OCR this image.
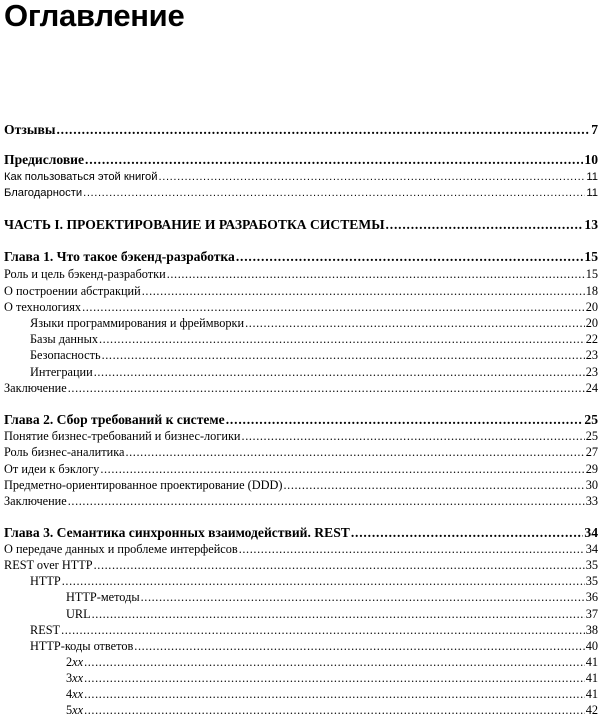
Оглавление
Отзывы .....	7
Предисловие .....	10
Как пользоваться этой книгой .....	11
Благодарности .....	11
ЧАСТЬ I. ПРОЕКТИРОВАНИЕ И РАЗРАБОТКА СИСТЕМЫ .....	13
Глава 1. Что такое бэкенд-разработка .....	15
Роль и цель бэкенд-разработки .....	15
О построении абстракций .....	18
О технологиях .....	20
Языки программирования и фреймворки .....	20
Базы данных .....	22
Безопасность .....	23
Интеграции .....	23
Заключение .....	24
Глава 2. Сбор требований к системе .....	25
Понятие бизнес-требований и бизнес-логики .....	25
Роль бизнес-аналитика .....	27
От идеи к бэклогу .....	29
Предметно-ориентированное проектирование (DDD) .....	30
Заключение .....	33
Глава 3. Семантика синхронных взаимодействий. REST .....	34
О передаче данных и проблеме интерфейсов .....	34
REST over HTTP .....	35
HTTP .....	35
HTTP-методы .....	36
URL .....	37
REST .....	38
HTTP-коды ответов .....	40
2xx .....	41
3xx .....	41
4xx .....	41
5xx .....	42
